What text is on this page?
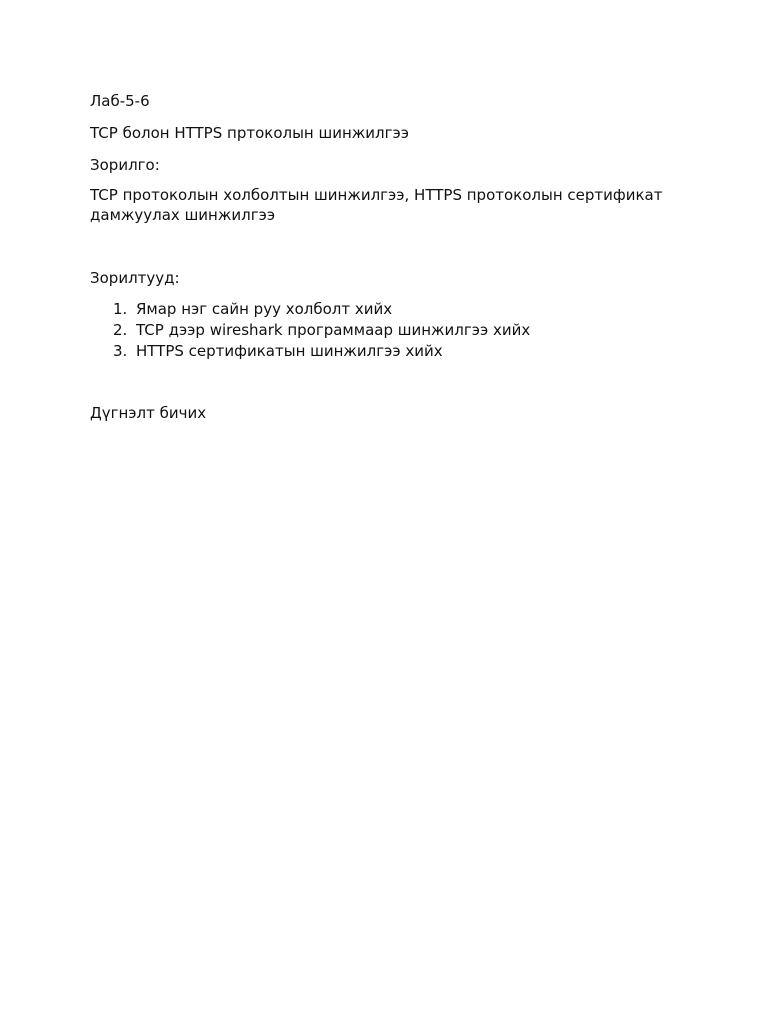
Лаб-5-6

TCP болон HTTPS пртоколын шинжилгээ

Зорилго:

TCP протоколын холболтын шинжилгээ, HTTPS протоколын сертификат дамжуулах шинжилгээ

Зорилтууд:

1. Ямар нэг сайн руу холболт хийх
2. TCP дээр wireshark программаар шинжилгээ хийх
3. HTTPS сертификатын шинжилгээ хийх

Дүгнэлт бичих
